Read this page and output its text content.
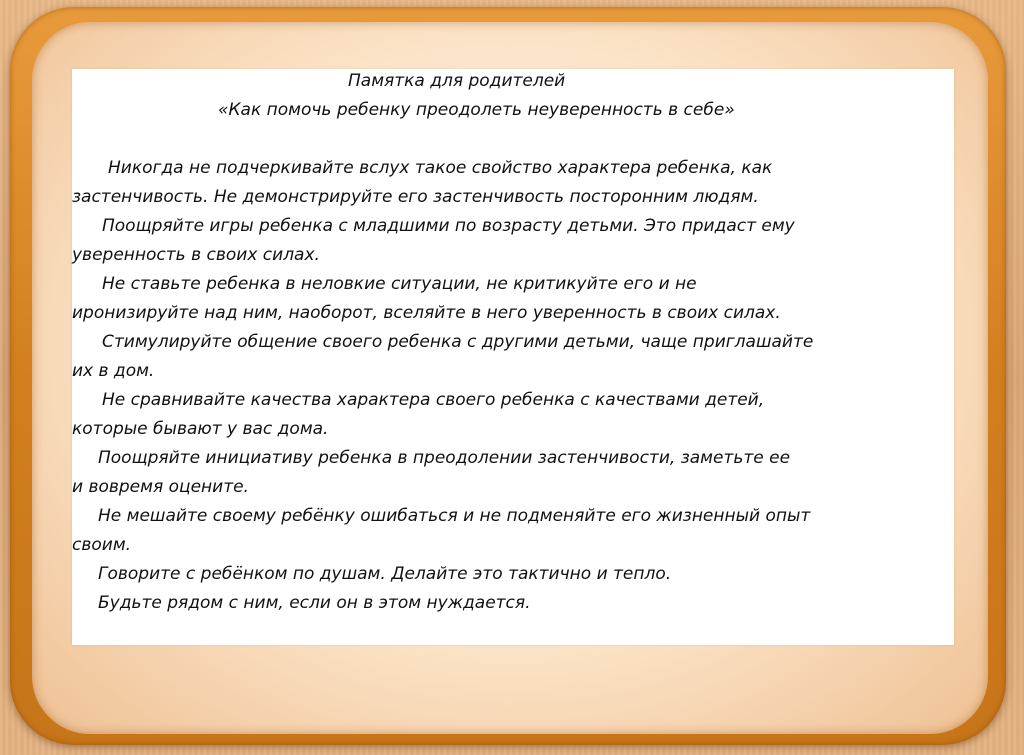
Памятка для родителей
«Как помочь ребенку преодолеть неуверенность в себе»
Никогда не подчеркивайте вслух такое свойство характера ребенка, как
застенчивость. Не демонстрируйте его застенчивость посторонним людям.
Поощряйте игры ребенка с младшими по возрасту детьми. Это придаст ему
уверенность в своих силах.
Не ставьте ребенка в неловкие ситуации, не критикуйте его и не
иронизируйте над ним, наоборот, вселяйте в него уверенность в своих силах.
Стимулируйте общение своего ребенка с другими детьми, чаще приглашайте
их в дом.
Не сравнивайте качества характера своего ребенка с качествами детей,
которые бывают у вас дома.
Поощряйте инициативу ребенка в преодолении застенчивости, заметьте ее
и вовремя оцените.
Не мешайте своему ребёнку ошибаться и не подменяйте его жизненный опыт
своим.
Говорите с ребёнком по душам. Делайте это тактично и тепло.
Будьте рядом с ним, если он в этом нуждается.
